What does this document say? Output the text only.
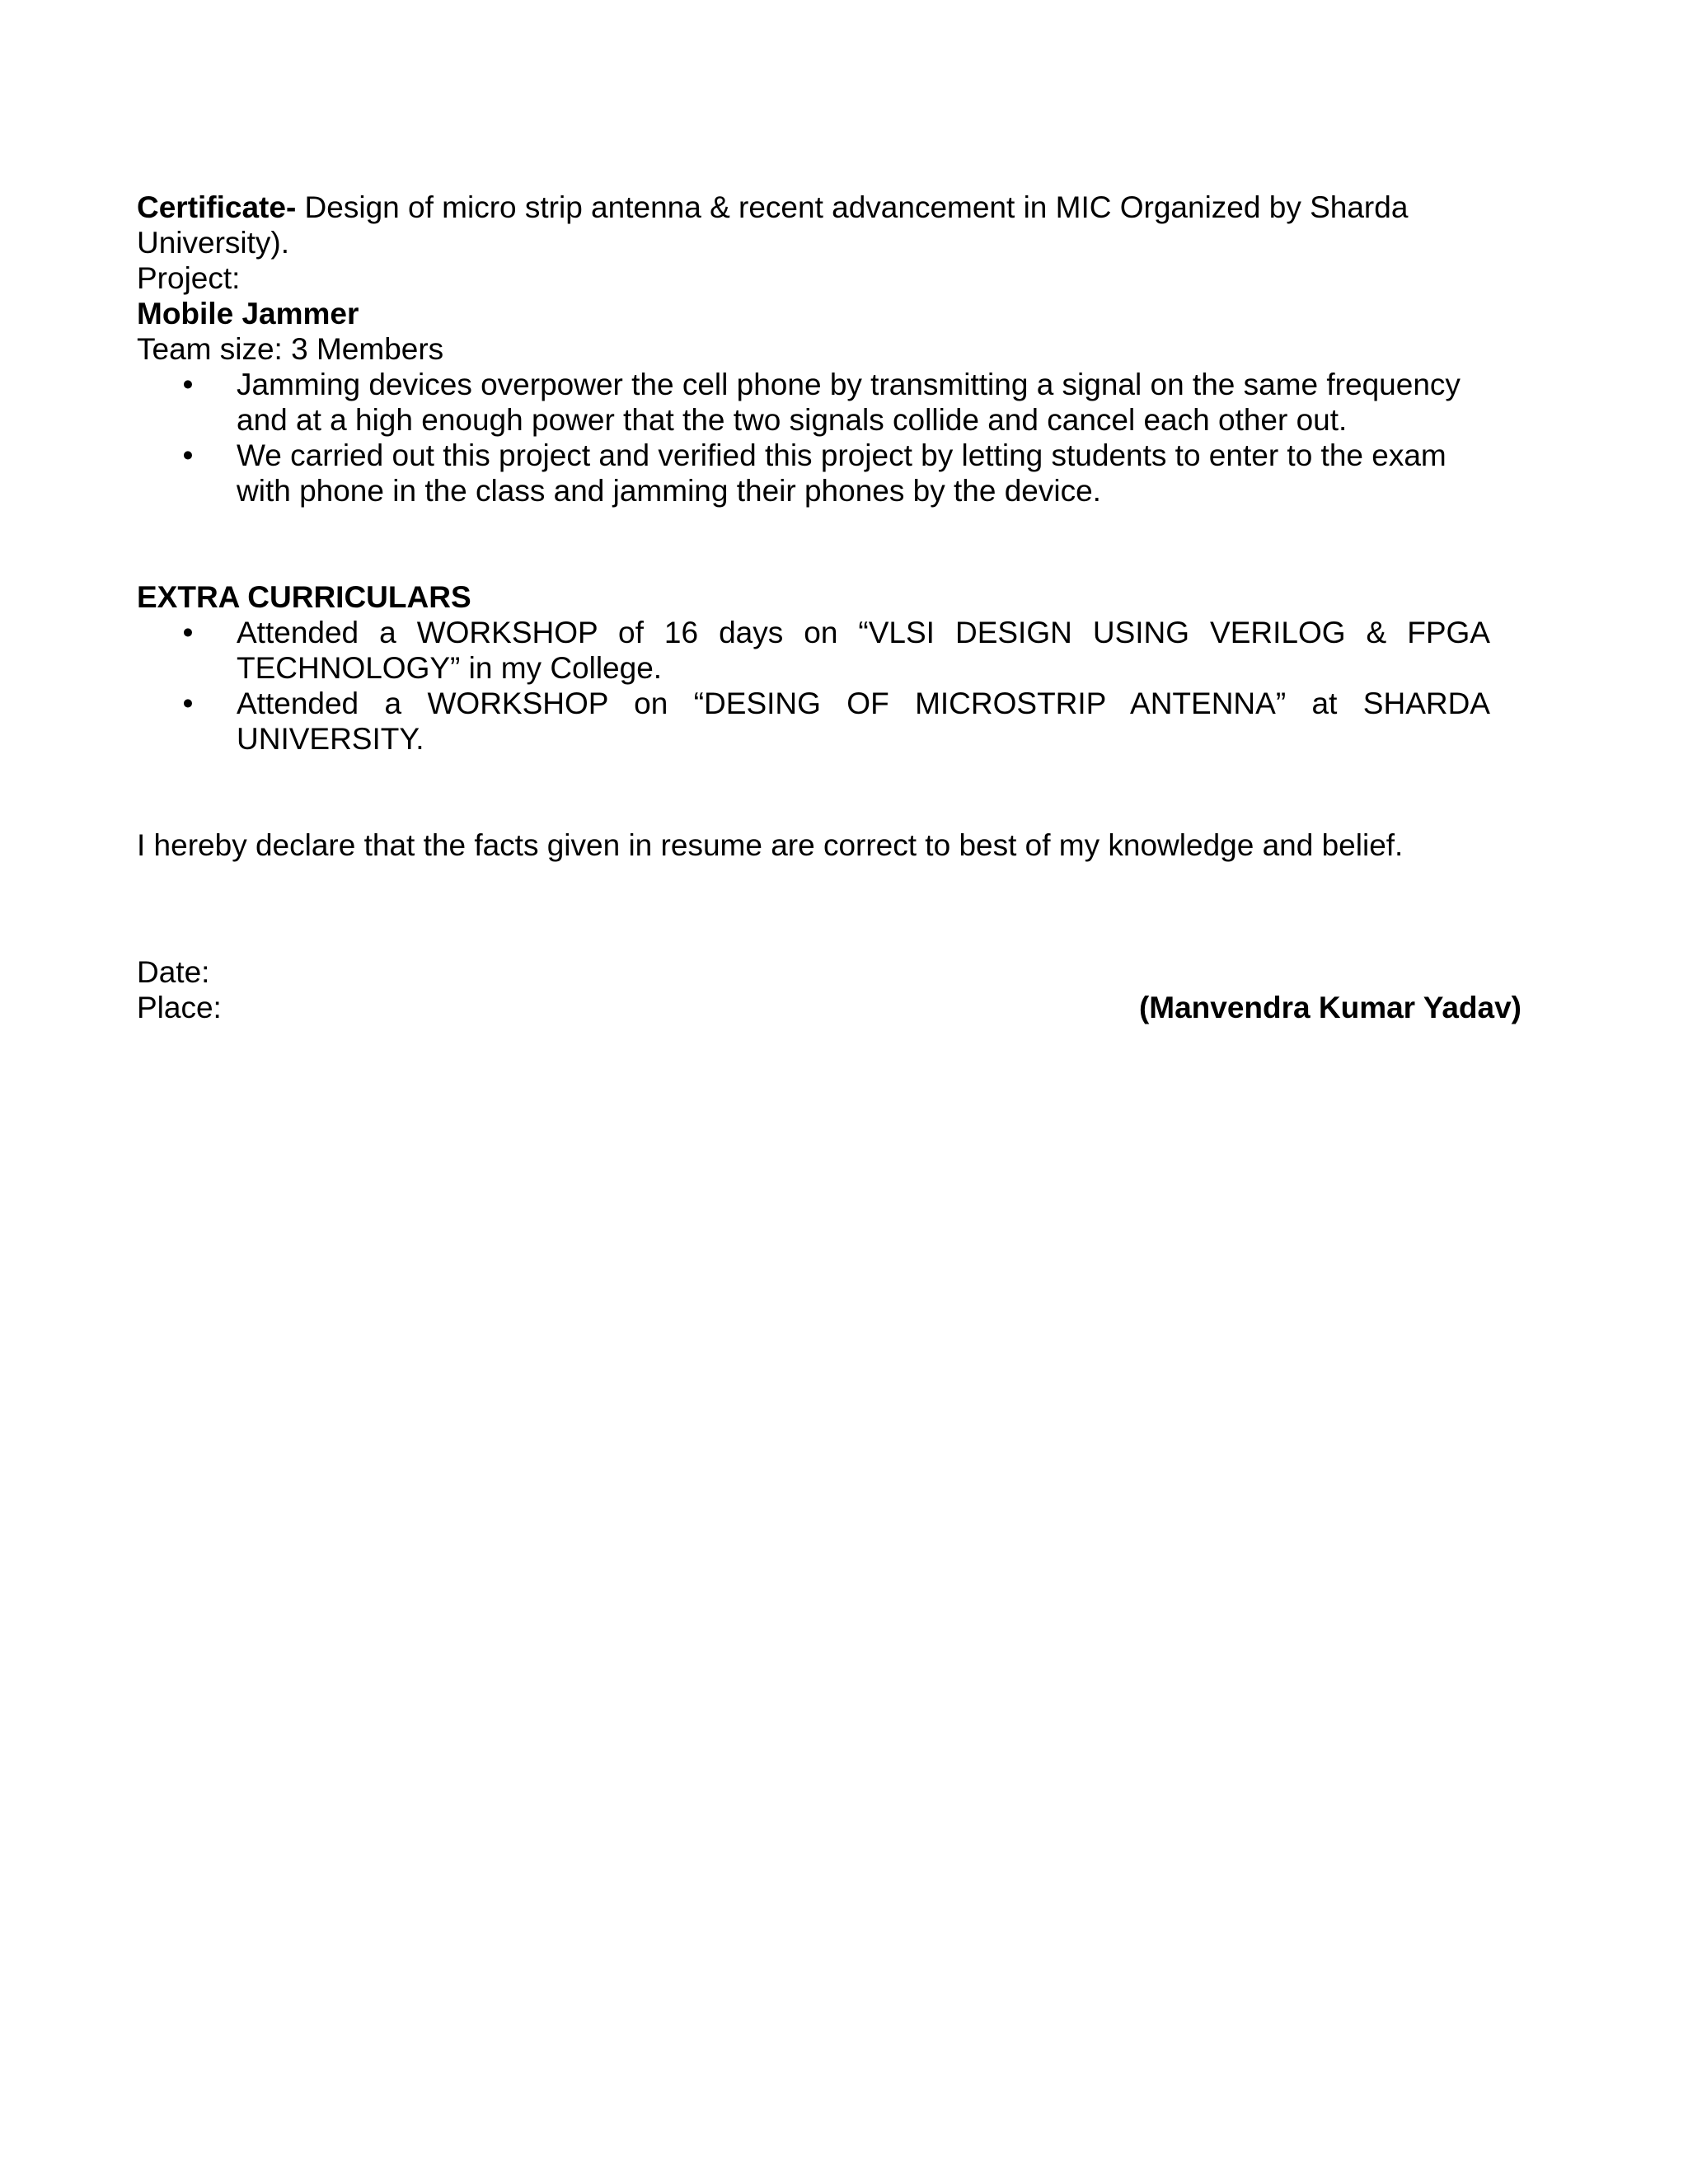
Certificate- Design of micro strip antenna & recent advancement in MIC Organized by Sharda

University).

Project:

Mobile Jammer

Team size: 3 Members

• Jamming devices overpower the cell phone by transmitting a signal on the same frequency
and at a high enough power that the two signals collide and cancel each other out.
• We carried out this project and verified this project by letting students to enter to the exam
with phone in the class and jamming their phones by the device.

EXTRA CURRICULARS

• Attended a WORKSHOP of 16 days on “VLSI DESIGN USING VERILOG & FPGA
TECHNOLOGY” in my College.
• Attended a WORKSHOP on “DESING OF MICROSTRIP ANTENNA” at SHARDA
UNIVERSITY.

I hereby declare that the facts given in resume are correct to best of my knowledge and belief.

Date:

Place:	(Manvendra Kumar Yadav)
